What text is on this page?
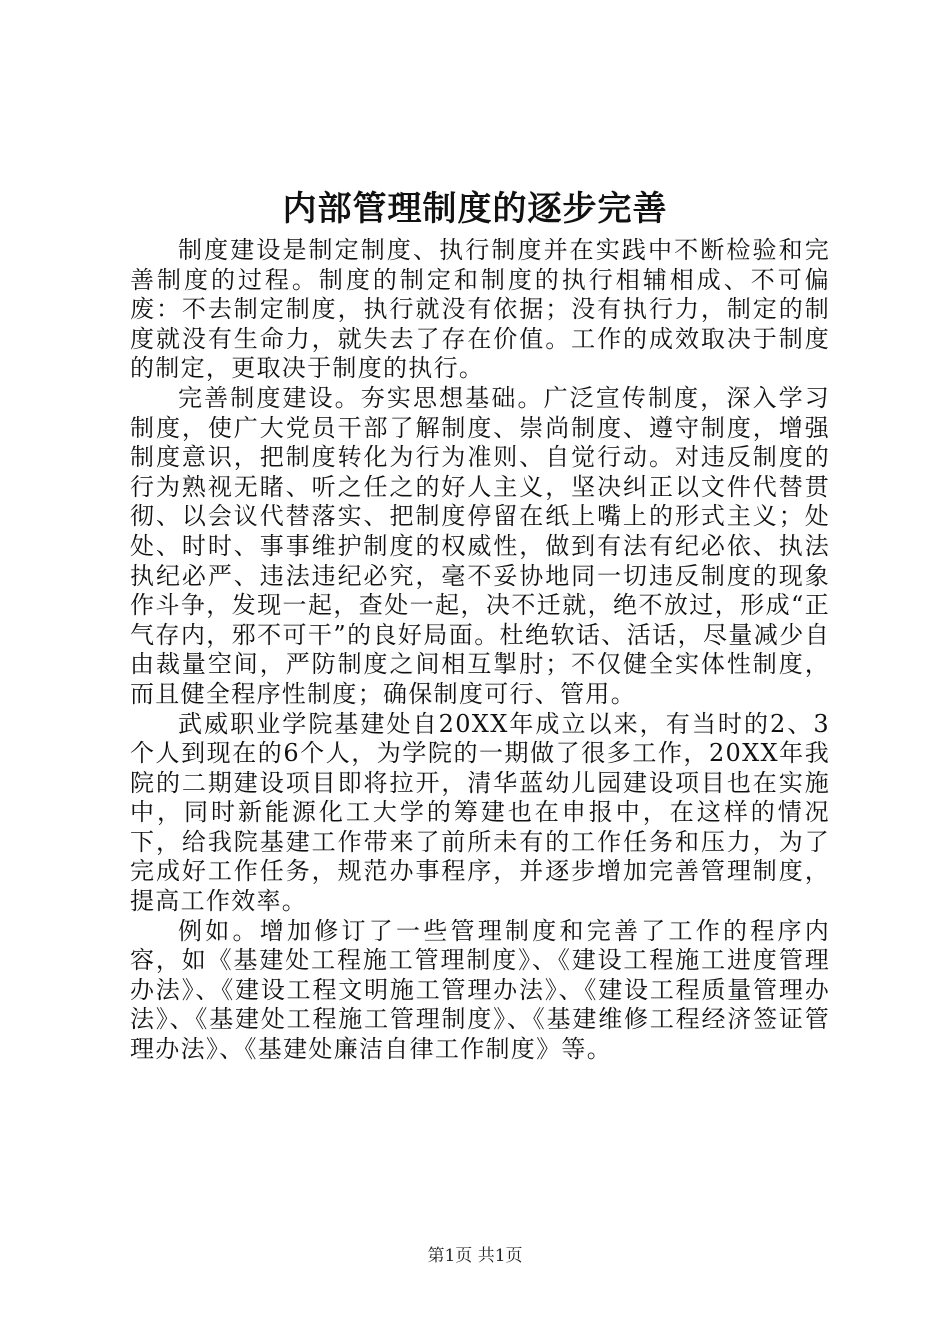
内部管理制度的逐步完善

制度建设是制定制度、执行制度并在实践中不断检验和完善制度的过程。制度的制定和制度的执行相辅相成、不可偏废：不去制定制度，执行就没有依据；没有执行力，制定的制度就没有生命力，就失去了存在价值。工作的成效取决于制度的制定，更取决于制度的执行。

完善制度建设。夯实思想基础。广泛宣传制度，深入学习制度，使广大党员干部了解制度、崇尚制度、遵守制度，增强制度意识，把制度转化为行为准则、自觉行动。对违反制度的行为熟视无睹、听之任之的好人主义，坚决纠正以文件代替贯彻、以会议代替落实、把制度停留在纸上嘴上的形式主义；处处、时时、事事维护制度的权威性，做到有法有纪必依、执法执纪必严、违法违纪必究，毫不妥协地同一切违反制度的现象作斗争，发现一起，查处一起，决不迁就，绝不放过，形成“正气存内，邪不可干”的良好局面。杜绝软话、活话，尽量减少自由裁量空间，严防制度之间相互掣肘；不仅健全实体性制度，而且健全程序性制度；确保制度可行、管用。

武威职业学院基建处自20XX年成立以来，有当时的2、3个人到现在的6个人，为学院的一期做了很多工作，20XX年我院的二期建设项目即将拉开，清华蓝幼儿园建设项目也在实施中，同时新能源化工大学的筹建也在申报中，在这样的情况下，给我院基建工作带来了前所未有的工作任务和压力，为了完成好工作任务，规范办事程序，并逐步增加完善管理制度，提高工作效率。

例如。增加修订了一些管理制度和完善了工作的程序内容，如《基建处工程施工管理制度》、《建设工程施工进度管理办法》、《建设工程文明施工管理办法》、《建设工程质量管理办法》、《基建处工程施工管理制度》、《基建维修工程经济签证管理办法》、《基建处廉洁自律工作制度》等。

第1页 共1页
